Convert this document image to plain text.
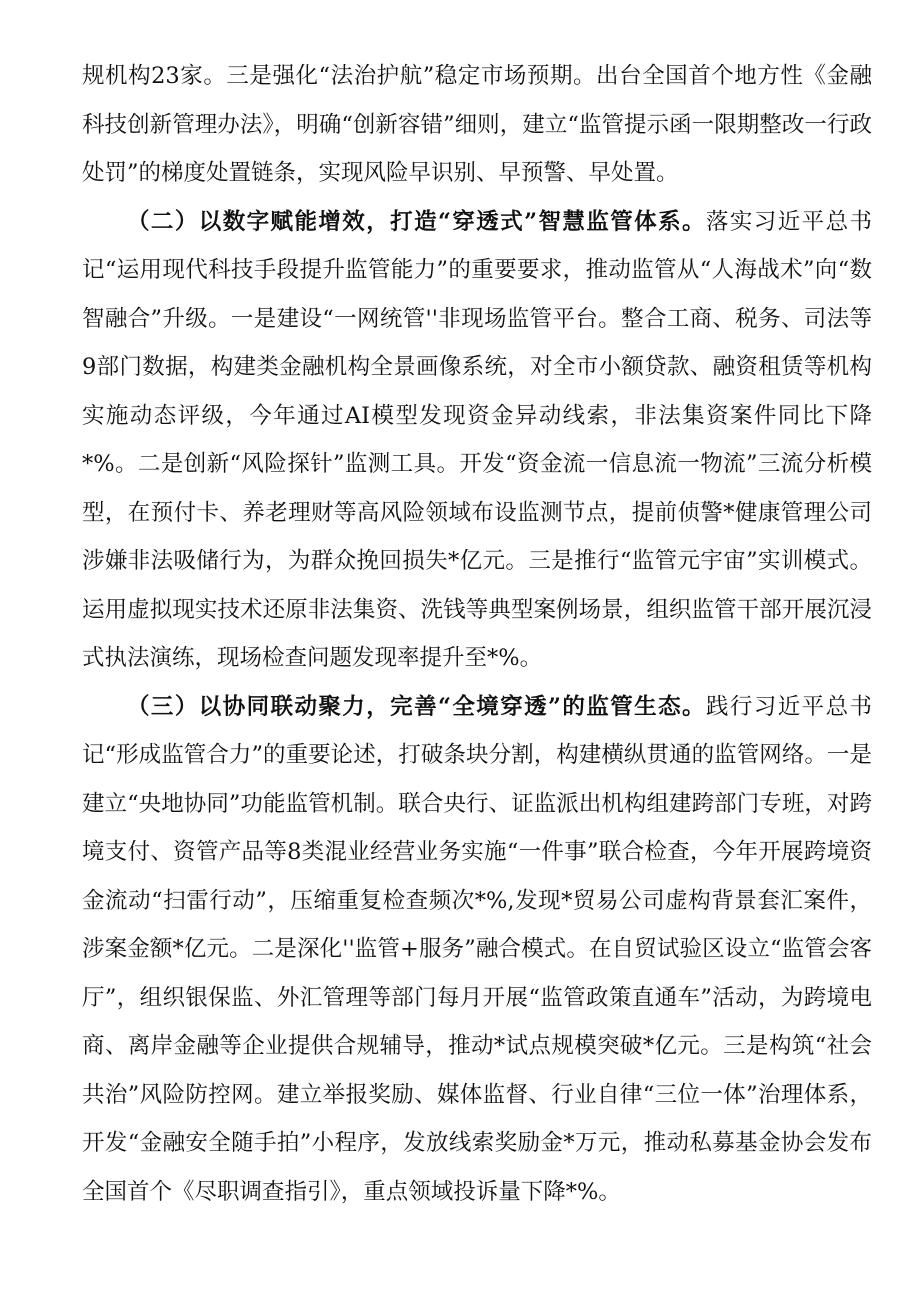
规机构23家。三是强化“法治护航”稳定市场预期。出台全国首个地方性《金融科技创新管理办法》，明确“创新容错”细则，建立“监管提示函一限期整改一行政处罚”的梯度处置链条，实现风险早识别、早预警、早处置。

（二）以数字赋能增效，打造“穿透式”智慧监管体系。落实习近平总书记“运用现代科技手段提升监管能力”的重要要求，推动监管从“人海战术”向“数智融合”升级。一是建设“一网统管''非现场监管平台。整合工商、税务、司法等9部门数据，构建类金融机构全景画像系统，对全市小额贷款、融资租赁等机构实施动态评级，今年通过AI模型发现资金异动线索，非法集资案件同比下降*%。二是创新“风险探针”监测工具。开发“资金流一信息流一物流”三流分析模型，在预付卡、养老理财等高风险领域布设监测节点，提前侦警*健康管理公司涉嫌非法吸储行为，为群众挽回损失*亿元。三是推行“监管元宇宙”实训模式。运用虚拟现实技术还原非法集资、洗钱等典型案例场景，组织监管干部开展沉浸式执法演练，现场检查问题发现率提升至*%。

（三）以协同联动聚力，完善“全境穿透”的监管生态。践行习近平总书记“形成监管合力”的重要论述，打破条块分割，构建横纵贯通的监管网络。一是建立“央地协同”功能监管机制。联合央行、证监派出机构组建跨部门专班，对跨境支付、资管产品等8类混业经营业务实施“一件事”联合检查，今年开展跨境资金流动“扫雷行动”，压缩重复检查频次*%,发现*贸易公司虚构背景套汇案件，涉案金额*亿元。二是深化''监管+服务”融合模式。在自贸试验区设立“监管会客厅”，组织银保监、外汇管理等部门每月开展“监管政策直通车”活动，为跨境电商、离岸金融等企业提供合规辅导，推动*试点规模突破*亿元。三是构筑“社会共治”风险防控网。建立举报奖励、媒体监督、行业自律“三位一体”治理体系，开发“金融安全随手拍”小程序，发放线索奖励金*万元，推动私募基金协会发布全国首个《尽职调查指引》，重点领域投诉量下降*%。
